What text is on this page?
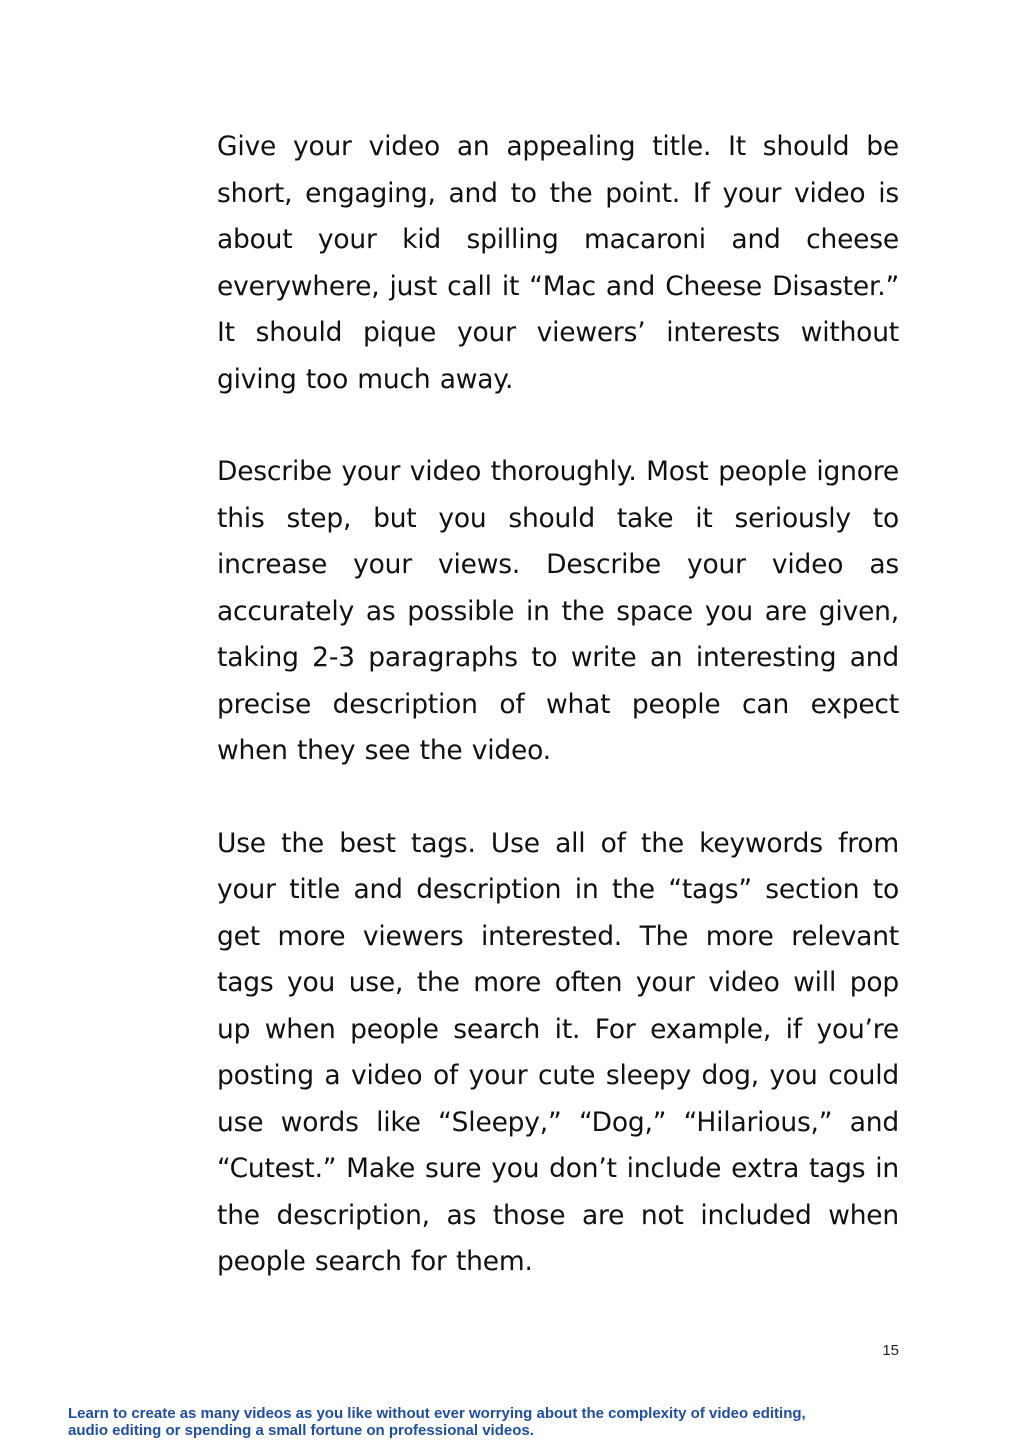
Give your video an appealing title. It should be short, engaging, and to the point. If your video is about your kid spilling macaroni and cheese everywhere, just call it “Mac and Cheese Disaster.” It should pique your viewers’ interests without giving too much away.

Describe your video thoroughly. Most people ignore this step, but you should take it seriously to increase your views. Describe your video as accurately as possible in the space you are given, taking 2-3 paragraphs to write an interesting and precise description of what people can expect when they see the video.

Use the best tags. Use all of the keywords from your title and description in the “tags” section to get more viewers interested. The more relevant tags you use, the more often your video will pop up when people search it. For example, if you’re posting a video of your cute sleepy dog, you could use words like “Sleepy,” “Dog,” “Hilarious,” and “Cutest.” Make sure you don’t include extra tags in the description, as those are not included when people search for them.

15
Learn to create as many videos as you like without ever worrying about the complexity of video editing,
audio editing or spending a small fortune on professional videos.
